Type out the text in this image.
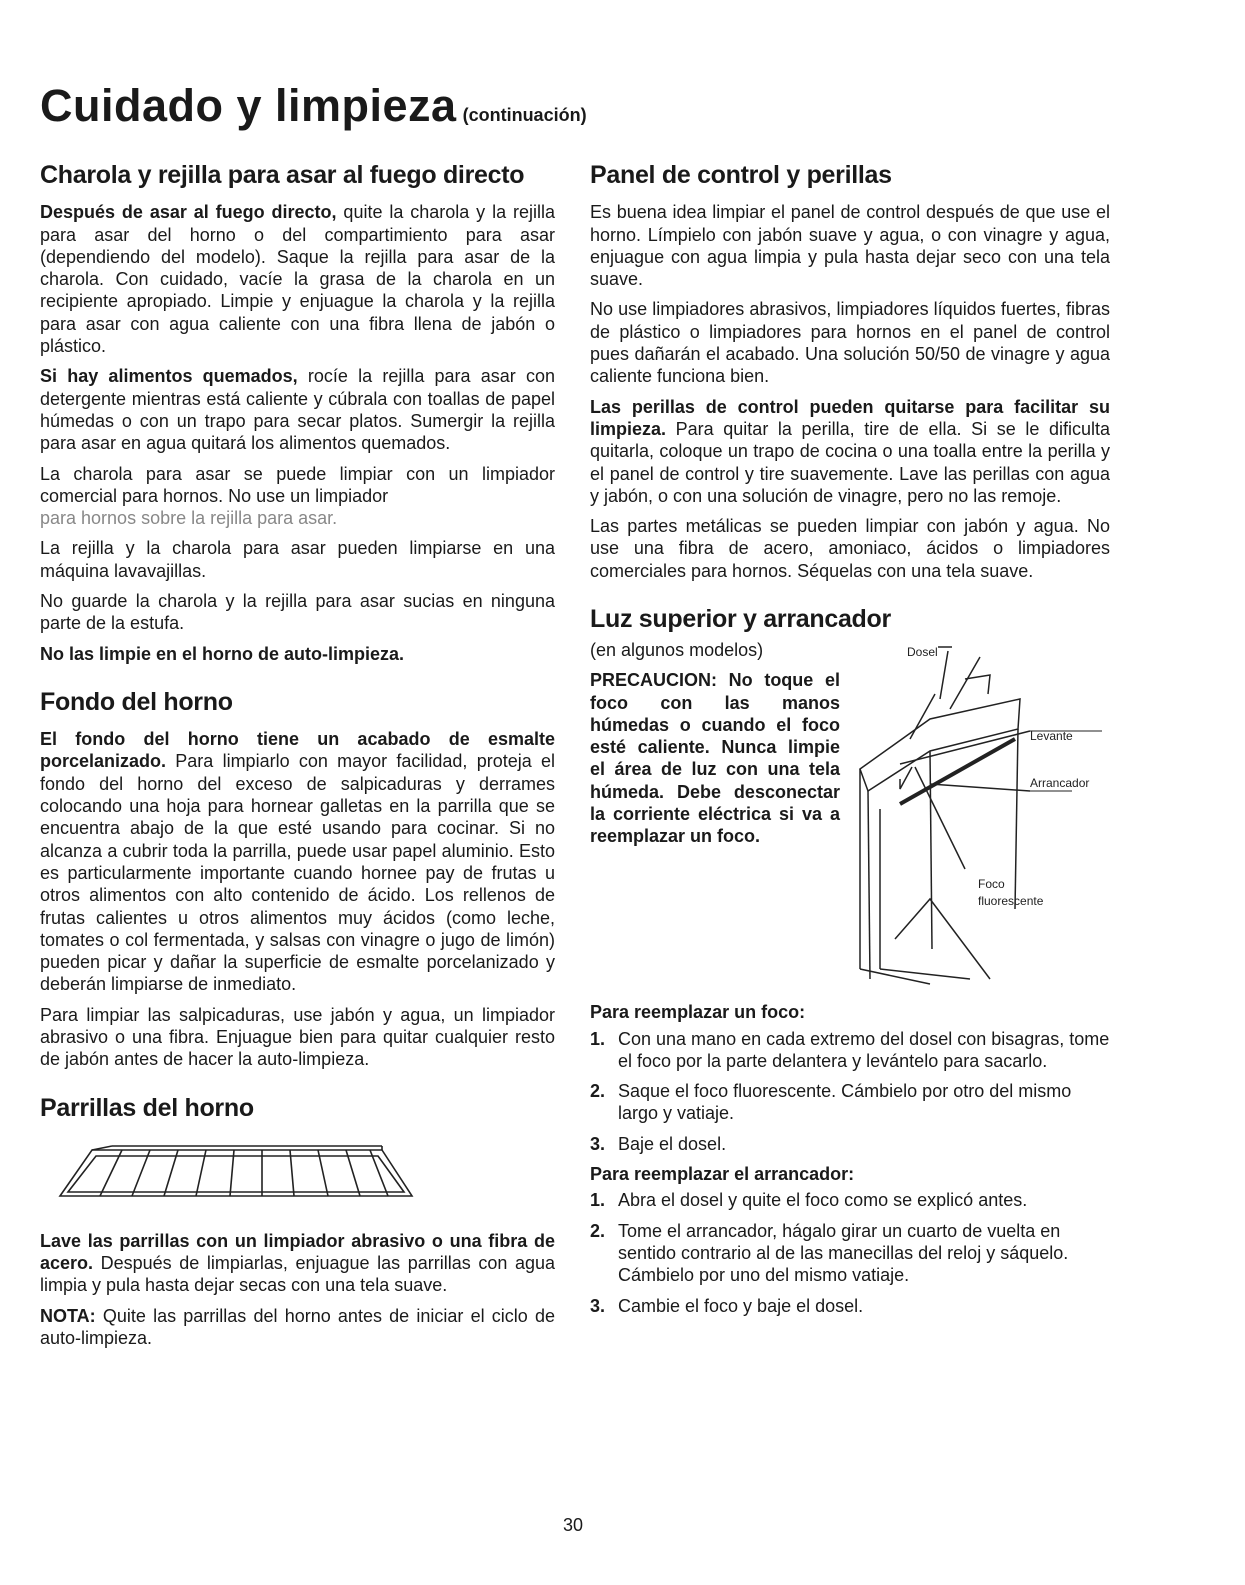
Cuidado y limpieza (continuación)
Charola y rejilla para asar al fuego directo

Después de asar al fuego directo, quite la charola y la rejilla para asar del horno o del compartimiento para asar (dependiendo del modelo). Saque la rejilla para asar de la charola. Con cuidado, vacíe la grasa de la charola en un recipiente apropiado. Limpie y enjuague la charola y la rejilla para asar con agua caliente con una fibra llena de jabón o plástico.

Si hay alimentos quemados, rocíe la rejilla para asar con detergente mientras está caliente y cúbrala con toallas de papel húmedas o con un trapo para secar platos. Sumergir la rejilla para asar en agua quitará los alimentos quemados.

La charola para asar se puede limpiar con un limpiador comercial para hornos. No use un limpiador

para hornos sobre la rejilla para asar.

La rejilla y la charola para asar pueden limpiarse en una máquina lavavajillas.

No guarde la charola y la rejilla para asar sucias en ninguna parte de la estufa.

No las limpie en el horno de auto-limpieza.

Fondo del horno

El fondo del horno tiene un acabado de esmalte porcelanizado. Para limpiarlo con mayor facilidad, proteja el fondo del horno del exceso de salpicaduras y derrames colocando una hoja para hornear galletas en la parrilla que se encuentra abajo de la que esté usando para cocinar. Si no alcanza a cubrir toda la parrilla, puede usar papel aluminio. Esto es particularmente importante cuando hornee pay de frutas u otros alimentos con alto contenido de ácido. Los rellenos de frutas calientes u otros alimentos muy ácidos (como leche, tomates o col fermentada, y salsas con vinagre o jugo de limón) pueden picar y dañar la superficie de esmalte porcelanizado y deberán limpiarse de inmediato.

Para limpiar las salpicaduras, use jabón y agua, un limpiador abrasivo o una fibra. Enjuague bien para quitar cualquier resto de jabón antes de hacer la auto-limpieza.

Parrillas del horno

Lave las parrillas con un limpiador abrasivo o una fibra de acero. Después de limpiarlas, enjuague las parrillas con agua limpia y pula hasta dejar secas con una tela suave.

NOTA: Quite las parrillas del horno antes de iniciar el ciclo de auto-limpieza.

Panel de control y perillas

Es buena idea limpiar el panel de control después de que use el horno. Límpielo con jabón suave y agua, o con vinagre y agua, enjuague con agua limpia y pula hasta dejar seco con una tela suave.

No use limpiadores abrasivos, limpiadores líquidos fuertes, fibras de plástico o limpiadores para hornos en el panel de control pues dañarán el acabado. Una solución 50/50 de vinagre y agua caliente funciona bien.

Las perillas de control pueden quitarse para facilitar su limpieza. Para quitar la perilla, tire de ella. Si se le dificulta quitarla, coloque un trapo de cocina o una toalla entre la perilla y el panel de control y tire suavemente. Lave las perillas con agua y jabón, o con una solución de vinagre, pero no las remoje.

Las partes metálicas se pueden limpiar con jabón y agua. No use una fibra de acero, amoniaco, ácidos o limpiadores comerciales para hornos. Séquelas con una tela suave.

Luz superior y arrancador

(en algunos modelos)

PRECAUCION: No toque el foco con las manos húmedas o cuando el foco esté caliente. Nunca limpie el área de luz con una tela húmeda. Debe desconectar la corriente eléctrica si va a reemplazar un foco.

Dosel
Levante
Arrancador
Foco
fluorescente

Para reemplazar un foco:

1. Con una mano en cada extremo del dosel con bisagras, tome el foco por la parte delantera y levántelo para sacarlo.
2. Saque el foco fluorescente. Cámbielo por otro del mismo largo y vatiaje.
3. Baje el dosel.

Para reemplazar el arrancador:

1. Abra el dosel y quite el foco como se explicó antes.
2. Tome el arrancador, hágalo girar un cuarto de vuelta en sentido contrario al de las manecillas del reloj y sáquelo. Cámbielo por uno del mismo vatiaje.
3. Cambie el foco y baje el dosel.
30
